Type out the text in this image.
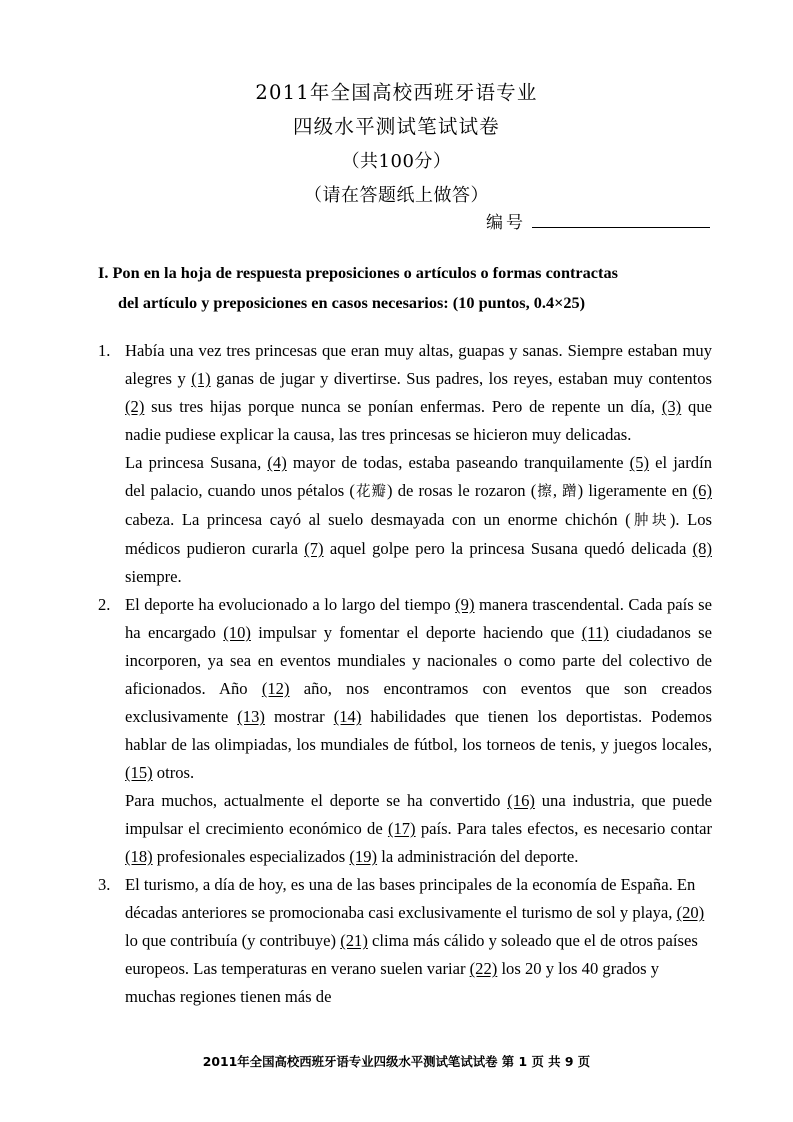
2011年全国高校西班牙语专业
四级水平测试笔试试卷
（共100分）
（请在答题纸上做答）
编号
I. Pon en la hoja de respuesta preposiciones o artículos o formas contractas
del artículo y preposiciones en casos necesarios: (10 puntos, 0.4×25)
1. Había una vez tres princesas que eran muy altas, guapas y sanas. Siempre estaban muy alegres y (1) ganas de jugar y divertirse. Sus padres, los reyes, estaban muy contentos (2) sus tres hijas porque nunca se ponían enfermas. Pero de repente un día, (3) que nadie pudiese explicar la causa, las tres princesas se hicieron muy delicadas.

La princesa Susana, (4) mayor de todas, estaba paseando tranquilamente (5) el jardín del palacio, cuando unos pétalos (花瓣) de rosas le rozaron (擦, 蹭) ligeramente en (6) cabeza. La princesa cayó al suelo desmayada con un enorme chichón (肿块). Los médicos pudieron curarla (7) aquel golpe pero la princesa Susana quedó delicada (8) siempre.

2. El deporte ha evolucionado a lo largo del tiempo (9) manera trascendental. Cada país se ha encargado (10) impulsar y fomentar el deporte haciendo que (11) ciudadanos se incorporen, ya sea en eventos mundiales y nacionales o como parte del colectivo de aficionados. Año (12) año, nos encontramos con eventos que son creados exclusivamente (13) mostrar (14) habilidades que tienen los deportistas. Podemos hablar de las olimpiadas, los mundiales de fútbol, los torneos de tenis, y juegos locales, (15) otros.

Para muchos, actualmente el deporte se ha convertido (16) una industria, que puede impulsar el crecimiento económico de (17) país. Para tales efectos, es necesario contar (18) profesionales especializados (19) la administración del deporte.

3. El turismo, a día de hoy, es una de las bases principales de la economía de España. En décadas anteriores se promocionaba casi exclusivamente el turismo de sol y playa, (20) lo que contribuía (y contribuye) (21) clima más cálido y soleado que el de otros países europeos. Las temperaturas en verano suelen variar (22) los 20 y los 40 grados y muchas regiones tienen más de

2011年全国高校西班牙语专业四级水平测试笔试试卷 第 1 页 共 9 页
